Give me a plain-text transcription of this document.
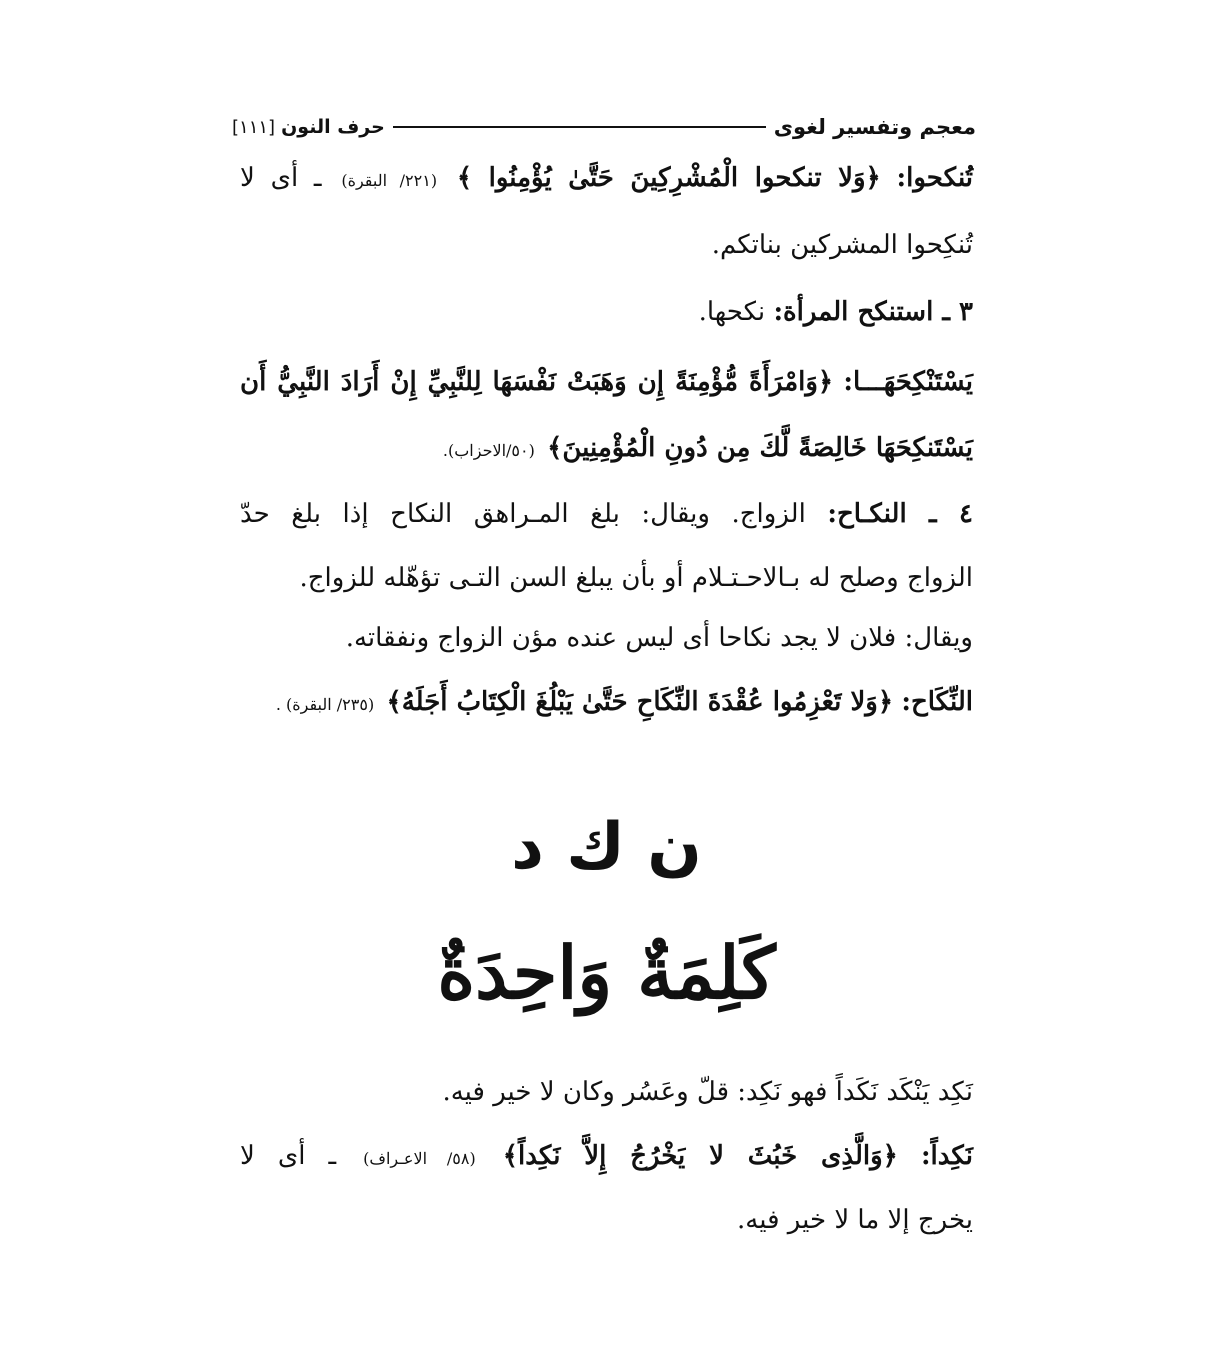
معجم وتفسير لغوى
حرف النون
[١١١]
تُنكحوا: ﴿وَلا تنكحوا الْمُشْرِكِينَ حَتَّىٰ يُؤْمِنُوا ﴾ (٢٢١/ البقرة) ـ أى لا
تُنكِحوا المشركين بناتكم.
٣ ـ استنكح المرأة: نكحها.
يَسْتَنْكِحَهَـــا: ﴿وَامْرَأَةً مُّؤْمِنَةً إِن وَهَبَتْ نَفْسَهَا لِلنَّبِيِّ إِنْ أَرَادَ النَّبِيُّ أَن
يَسْتَنكِحَهَا خَالِصَةً لَّكَ مِن دُونِ الْمُؤْمِنِينَ﴾ (٥٠/الاحزاب).
٤ ـ النكـاح: الزواج. ويقال: بلغ المـراهق النكاح إذا بلغ حدّ
الزواج وصلح له بـالاحـتـلام أو بأن يبلغ السن التـى تؤهّله للزواج.
ويقال: فلان لا يجد نكاحا أى ليس عنده مؤن الزواج ونفقاته.
النِّكَاح: ﴿وَلا تَعْزِمُوا عُقْدَةَ النِّكَاحِ حَتَّىٰ يَبْلُغَ الْكِتَابُ أَجَلَهُ﴾ (٢٣٥/ البقرة) .
ن ك د
كَلِمَةٌ وَاحِدَةٌ
نَكِد يَنْكَد نَكَداً فهو نَكِد: قلّ وعَسُر وكان لا خير فيه.
نَكِداً: ﴿وَالَّذِى خَبُثَ لا يَخْرُجُ إِلاَّ نَكِداً﴾ (٥٨/ الاعـراف) ـ أى لا
يخرج إلا ما لا خير فيه.
